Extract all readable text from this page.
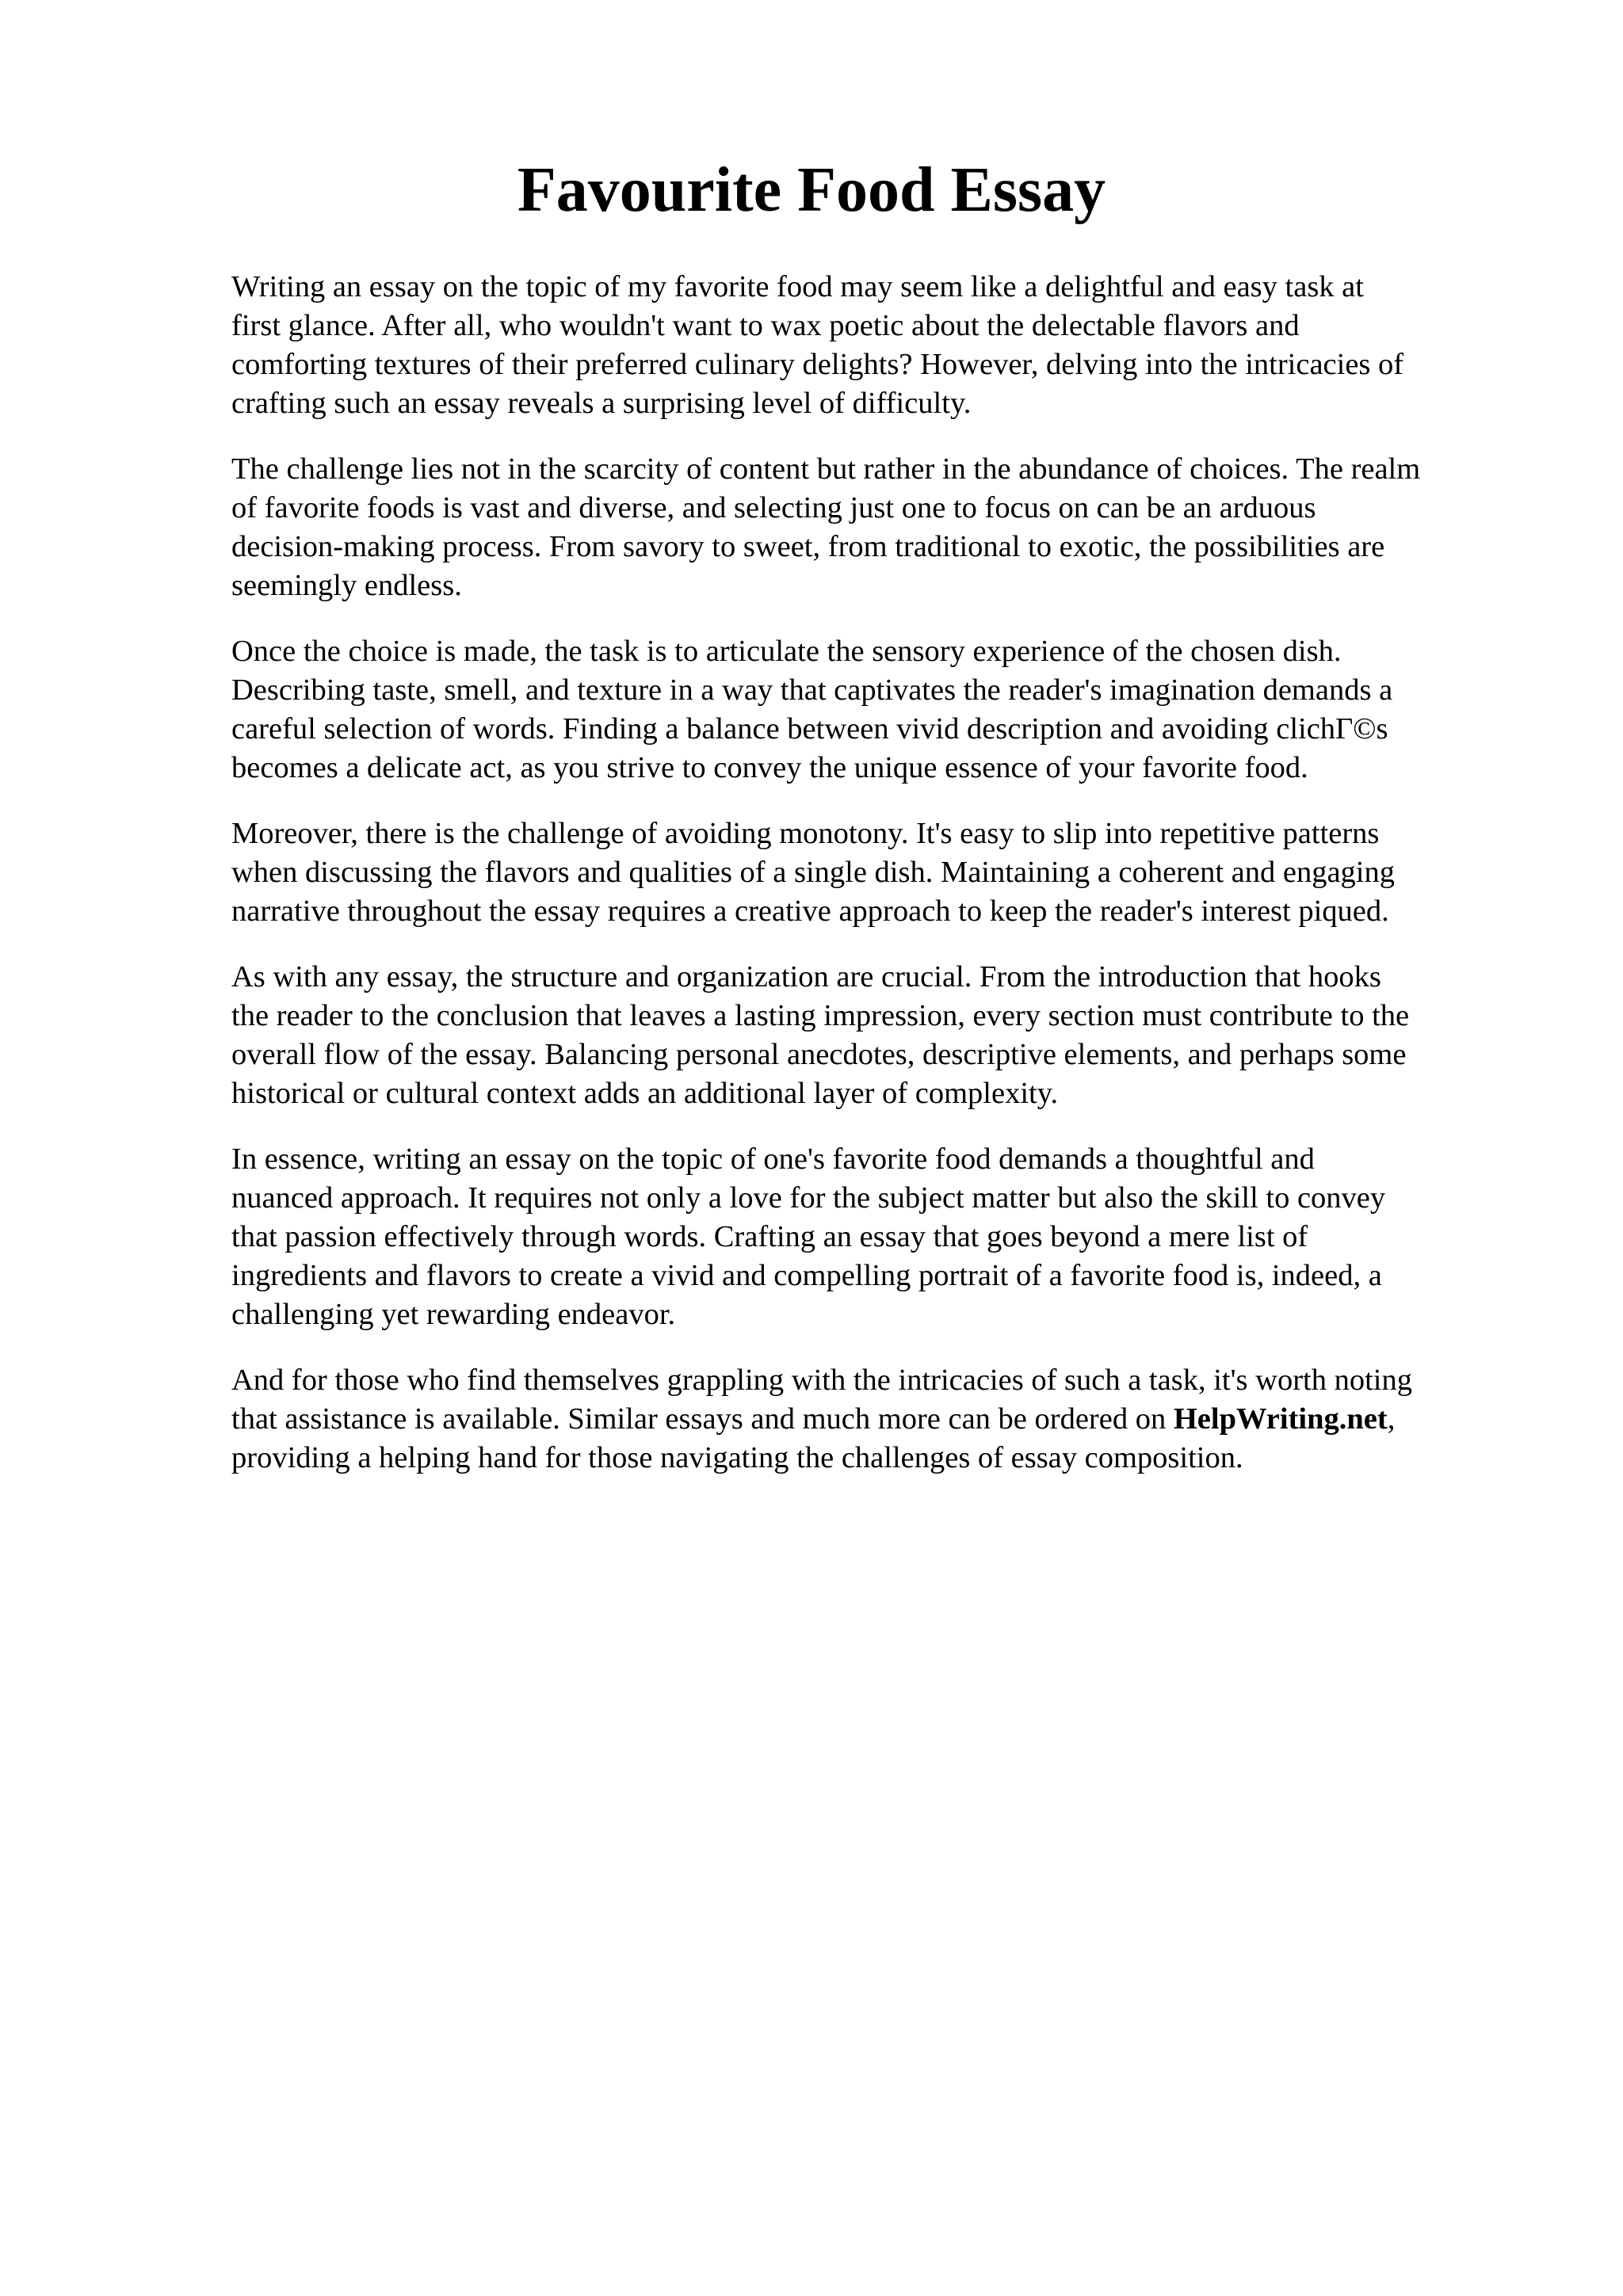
Favourite Food Essay

Writing an essay on the topic of my favorite food may seem like a delightful and easy task at
first glance. After all, who wouldn't want to wax poetic about the delectable flavors and
comforting textures of their preferred culinary delights? However, delving into the intricacies of
crafting such an essay reveals a surprising level of difficulty.

The challenge lies not in the scarcity of content but rather in the abundance of choices. The realm
of favorite foods is vast and diverse, and selecting just one to focus on can be an arduous
decision-making process. From savory to sweet, from traditional to exotic, the possibilities are
seemingly endless.

Once the choice is made, the task is to articulate the sensory experience of the chosen dish.
Describing taste, smell, and texture in a way that captivates the reader's imagination demands a
careful selection of words. Finding a balance between vivid description and avoiding clichГ©s
becomes a delicate act, as you strive to convey the unique essence of your favorite food.

Moreover, there is the challenge of avoiding monotony. It's easy to slip into repetitive patterns
when discussing the flavors and qualities of a single dish. Maintaining a coherent and engaging
narrative throughout the essay requires a creative approach to keep the reader's interest piqued.

As with any essay, the structure and organization are crucial. From the introduction that hooks
the reader to the conclusion that leaves a lasting impression, every section must contribute to the
overall flow of the essay. Balancing personal anecdotes, descriptive elements, and perhaps some
historical or cultural context adds an additional layer of complexity.

In essence, writing an essay on the topic of one's favorite food demands a thoughtful and
nuanced approach. It requires not only a love for the subject matter but also the skill to convey
that passion effectively through words. Crafting an essay that goes beyond a mere list of
ingredients and flavors to create a vivid and compelling portrait of a favorite food is, indeed, a
challenging yet rewarding endeavor.

And for those who find themselves grappling with the intricacies of such a task, it's worth noting
that assistance is available. Similar essays and much more can be ordered on HelpWriting.net,
providing a helping hand for those navigating the challenges of essay composition.
